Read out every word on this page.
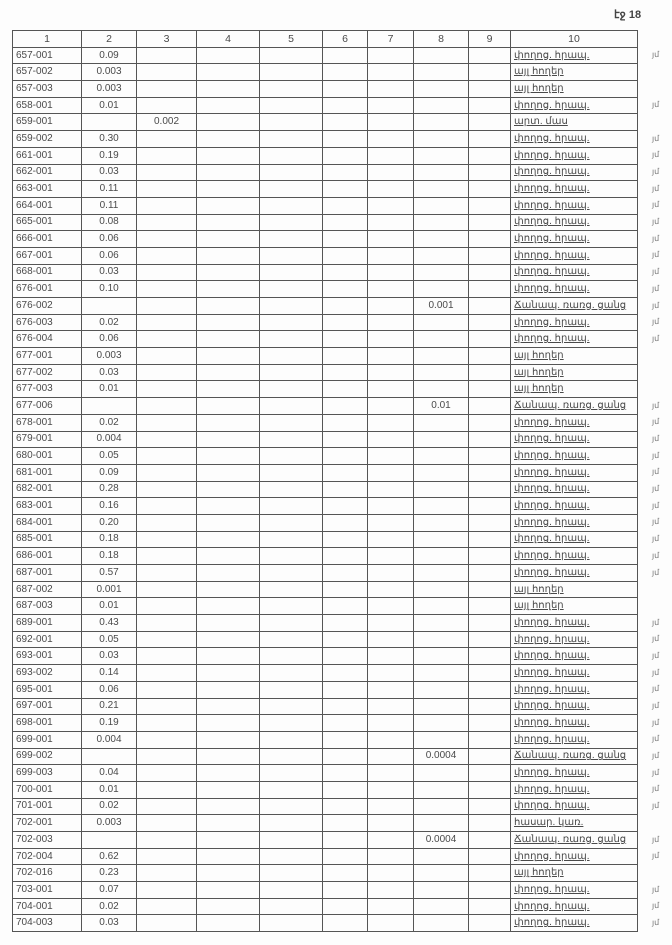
էջ 18
1	2	3	4	5	6	7	8	9	10
657-001	0.09								փողոց. հրապ.
657-002	0.003								այլ հողեր
657-003	0.003								այլ հողեր
658-001	0.01								փողոց. հրապ.
659-001		0.002							արտ. մաս
659-002	0.30								փողոց. հրապ.
661-001	0.19								փողոց. հրապ.
662-001	0.03								փողոց. հրապ.
663-001	0.11								փողոց. հրապ.
664-001	0.11								փողոց. հրապ.
665-001	0.08								փողոց. հրապ.
666-001	0.06								փողոց. հրապ.
667-001	0.06								փողոց. հրապ.
668-001	0.03								փողոց. հրապ.
676-001	0.10								փողոց. հրապ.
676-002							0.001		Ճանապ. ռառց. ցանց
676-003	0.02								փողոց. հրապ.
676-004	0.06								փողոց. հրապ.
677-001	0.003								այլ հողեր
677-002	0.03								այլ հողեր
677-003	0.01								այլ հողեր
677-006							0.01		Ճանապ. ռառց. ցանց
678-001	0.02								փողոց. հրապ.
679-001	0.004								փողոց. հրապ.
680-001	0.05								փողոց. հրապ.
681-001	0.09								փողոց. հրապ.
682-001	0.28								փողոց. հրապ.
683-001	0.16								փողոց. հրապ.
684-001	0.20								փողոց. հրապ.
685-001	0.18								փողոց. հրապ.
686-001	0.18								փողոց. հրապ.
687-001	0.57								փողոց. հրապ.
687-002	0.001								այլ հողեր
687-003	0.01								այլ հողեր
689-001	0.43								փողոց. հրապ.
692-001	0.05								փողոց. հրապ.
693-001	0.03								փողոց. հրապ.
693-002	0.14								փողոց. հրապ.
695-001	0.06								փողոց. հրապ.
697-001	0.21								փողոց. հրապ.
698-001	0.19								փողոց. հրապ.
699-001	0.004								փողոց. հրապ.
699-002							0.0004		Ճանապ. ռառց. ցանց
699-003	0.04								փողոց. հրապ.
700-001	0.01								փողոց. հրապ.
701-001	0.02								փողոց. հրապ.
702-001	0.003								հասար. կառ.
702-003							0.0004		Ճանապ. ռառց. ցանց
702-004	0.62								փողոց. հրապ.
702-016	0.23								այլ հողեր
703-001	0.07								փողոց. հրապ.
704-001	0.02								փողոց. հրապ.
704-003	0.03								փողոց. հրապ.
յմ
յմ
յմ
յմ
յմ
յմ
յմ
յմ
յմ
յմ
յմ
յմ
յմ
յմ
յմ
յմ
յմ
յմ
յմ
յմ
յմ
յմ
յմ
յմ
յմ
յմ
յմ
յմ
յմ
յմ
յմ
յմ
յմ
յմ
յմ
յմ
յմ
յմ
յմ
յմ
յմ
յմ
յմ
